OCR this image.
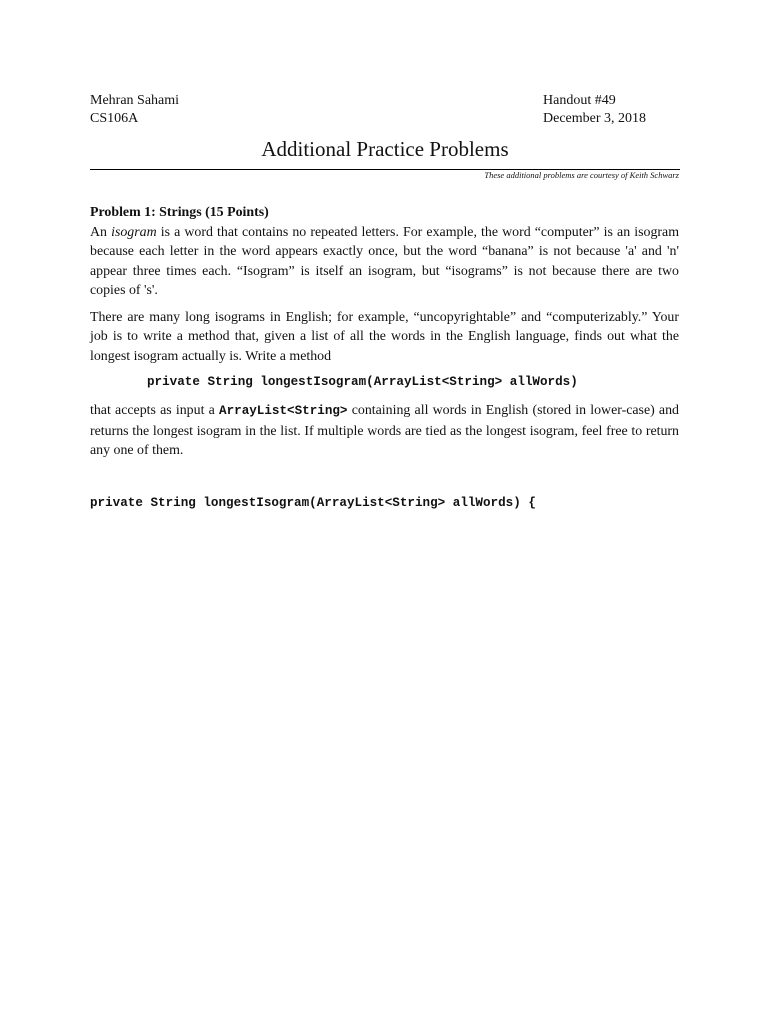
Mehran Sahami
CS106A
Handout #49
December 3, 2018
Additional Practice Problems
These additional problems are courtesy of Keith Schwarz

Problem 1: Strings (15 Points)

An isogram is a word that contains no repeated letters. For example, the word “computer” is an isogram because each letter in the word appears exactly once, but the word “banana” is not because 'a' and 'n' appear three times each. “Isogram” is itself an isogram, but “isograms” is not because there are two copies of 's'.

There are many long isograms in English; for example, “uncopyrightable” and “computerizably.” Your job is to write a method that, given a list of all the words in the English language, finds out what the longest isogram actually is. Write a method

private String longestIsogram(ArrayList<String> allWords)

that accepts as input a ArrayList<String> containing all words in English (stored in lower-case) and returns the longest isogram in the list. If multiple words are tied as the longest isogram, feel free to return any one of them.

private String longestIsogram(ArrayList<String> allWords) {
